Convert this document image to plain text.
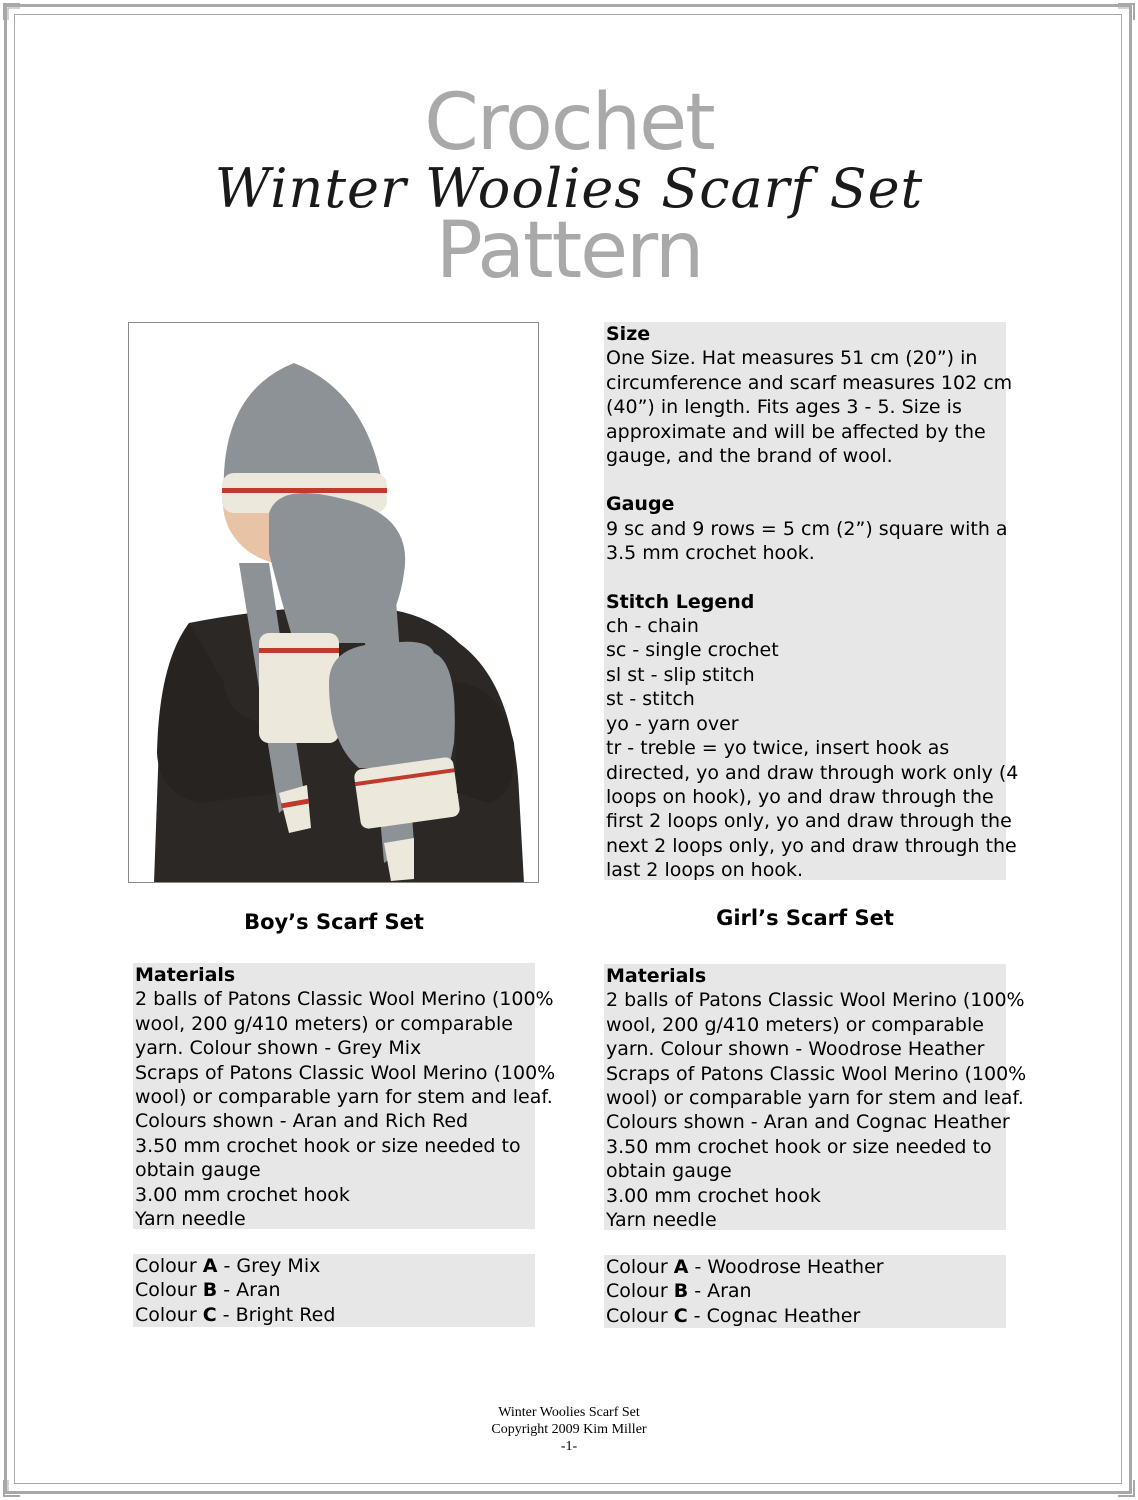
Crochet
Winter Woolies Scarf Set
Pattern
Size
One Size. Hat measures 51 cm (20”) in
circumference and scarf measures 102 cm
(40”) in length. Fits ages 3 - 5. Size is
approximate and will be affected by the
gauge, and the brand of wool.
Gauge
9 sc and 9 rows = 5 cm (2”) square with a
3.5 mm crochet hook.
Stitch Legend
ch - chain
sc - single crochet
sl st - slip stitch
st - stitch
yo - yarn over
tr - treble = yo twice, insert hook as
directed, yo and draw through work only (4
loops on hook), yo and draw through the
first 2 loops only, yo and draw through the
next 2 loops only, yo and draw through the
last 2 loops on hook.
Boy’s Scarf Set	Girl’s Scarf Set
Materials
2 balls of Patons Classic Wool Merino (100%
wool, 200 g/410 meters) or comparable
yarn. Colour shown - Grey Mix
Scraps of Patons Classic Wool Merino (100%
wool) or comparable yarn for stem and leaf.
Colours shown - Aran and Rich Red
3.50 mm crochet hook or size needed to
obtain gauge
3.00 mm crochet hook
Yarn needle
Colour A - Grey Mix
Colour B - Aran
Colour C - Bright Red
Materials
2 balls of Patons Classic Wool Merino (100%
wool, 200 g/410 meters) or comparable
yarn. Colour shown - Woodrose Heather
Scraps of Patons Classic Wool Merino (100%
wool) or comparable yarn for stem and leaf.
Colours shown - Aran and Cognac Heather
3.50 mm crochet hook or size needed to
obtain gauge
3.00 mm crochet hook
Yarn needle
Colour A - Woodrose Heather
Colour B - Aran
Colour C - Cognac Heather
Winter Woolies Scarf Set
Copyright 2009 Kim Miller
-1-
